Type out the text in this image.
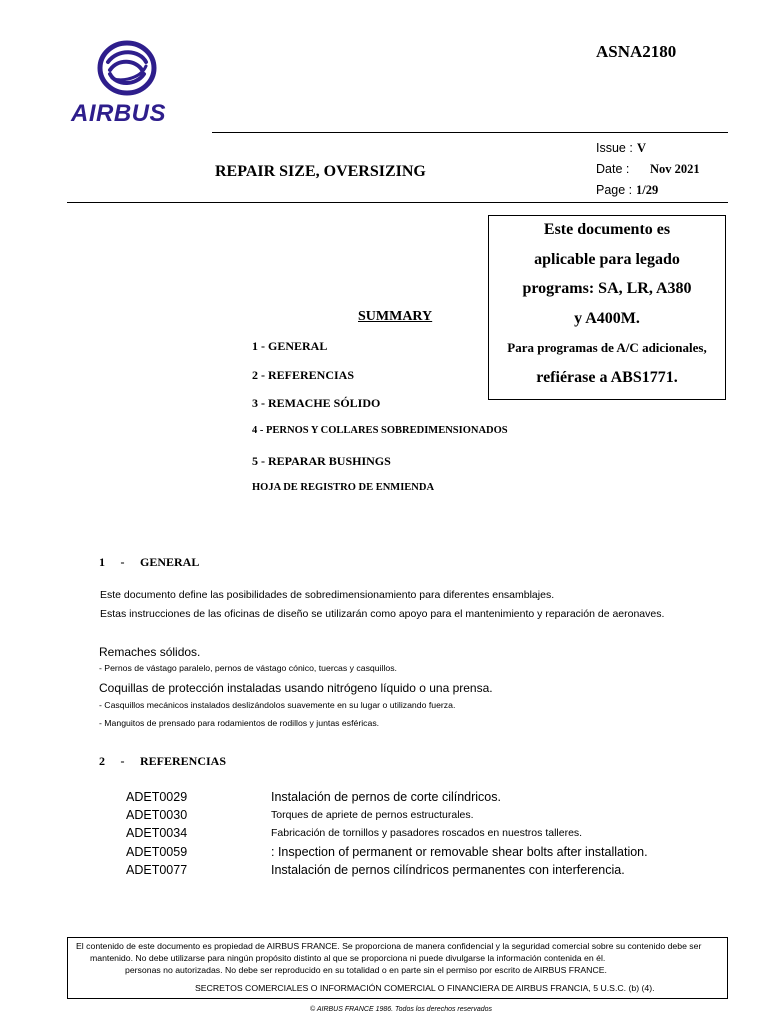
AIRBUS
ASNA2180
REPAIR SIZE, OVERSIZING
Issue : V
Date : Nov 2021
Page : 1/29
Este documento es
aplicable para legado
programs: SA, LR, A380
y A400M.
Para programas de A/C adicionales,
refiérase a ABS1771.
SUMMARY
1 - GENERAL
2 - REFERENCIAS
3 - REMACHE SÓLIDO
4 - PERNOS Y COLLARES SOBREDIMENSIONADOS
5 - REPARAR BUSHINGS
HOJA DE REGISTRO DE ENMIENDA
1 - GENERAL
Este documento define las posibilidades de sobredimensionamiento para diferentes ensamblajes.
Estas instrucciones de las oficinas de diseño se utilizarán como apoyo para el mantenimiento y reparación de aeronaves.
Remaches sólidos.
- Pernos de vástago paralelo, pernos de vástago cónico, tuercas y casquillos.
Coquillas de protección instaladas usando nitrógeno líquido o una prensa.
- Casquillos mecánicos instalados deslizándolos suavemente en su lugar o utilizando fuerza.
- Manguitos de prensado para rodamientos de rodillos y juntas esféricas.
2 - REFERENCIAS
ADET0029	Instalación de pernos de corte cilíndricos.
ADET0030	Torques de apriete de pernos estructurales.
ADET0034	Fabricación de tornillos y pasadores roscados en nuestros talleres.
ADET0059	: Inspection of permanent or removable shear bolts after installation.
ADET0077	Instalación de pernos cilíndricos permanentes con interferencia.
El contenido de este documento es propiedad de AIRBUS FRANCE. Se proporciona de manera confidencial y la seguridad comercial sobre su contenido debe ser
mantenido. No debe utilizarse para ningún propósito distinto al que se proporciona ni puede divulgarse la información contenida en él.
personas no autorizadas. No debe ser reproducido en su totalidad o en parte sin el permiso por escrito de AIRBUS FRANCE.
SECRETOS COMERCIALES O INFORMACIÓN COMERCIAL O FINANCIERA DE AIRBUS FRANCIA, 5 U.S.C. (b) (4).
© AIRBUS FRANCE 1986. Todos los derechos reservados
